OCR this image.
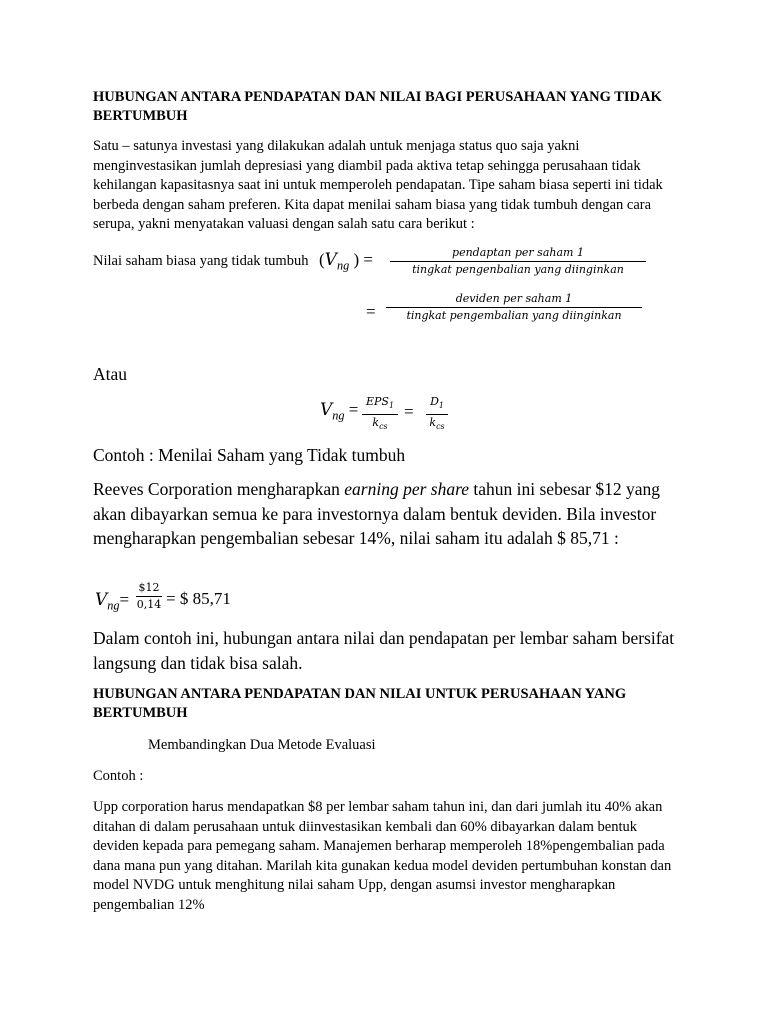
HUBUNGAN ANTARA PENDAPATAN DAN NILAI BAGI PERUSAHAAN YANG TIDAK BERTUMBUH

Satu – satunya investasi yang dilakukan adalah untuk menjaga status quo saja yakni menginvestasikan jumlah depresiasi yang diambil pada aktiva tetap sehingga perusahaan tidak kehilangan kapasitasnya saat ini untuk memperoleh pendapatan. Tipe saham biasa seperti ini tidak berbeda dengan saham preferen. Kita dapat menilai saham biasa yang tidak tumbuh dengan cara serupa, yakni menyatakan valuasi dengan salah satu cara berikut :

Nilai saham biasa yang tidak tumbuh ($V_{ng}$ ) =	pendaptan per saham 1
tingkat pengenbalian yang diinginkan
=
deviden per saham 1
tingkat pengembalian yang diinginkan

Atau

$V_{ng} = EPS_1$
$k_{cs}$
=
$D_1$
$k_{cs}$

Contoh : Menilai Saham yang Tidak tumbuh

Reeves Corporation mengharapkan earning per share tahun ini sebesar $12 yang akan dibayarkan semua ke para investornya dalam bentuk deviden. Bila investor mengharapkan pengembalian sebesar 14%, nilai saham itu adalah $ 85,71 :

$V_{ng}=$
$12
0,14 = $ 85,71

Dalam contoh ini, hubungan antara nilai dan pendapatan per lembar saham bersifat langsung dan tidak bisa salah.

HUBUNGAN ANTARA PENDAPATAN DAN NILAI UNTUK PERUSAHAAN YANG BERTUMBUH

Membandingkan Dua Metode Evaluasi

Contoh :

Upp corporation harus mendapatkan $8 per lembar saham tahun ini, dan dari jumlah itu 40% akan ditahan di dalam perusahaan untuk diinvestasikan kembali dan 60% dibayarkan dalam bentuk deviden kepada para pemegang saham. Manajemen berharap memperoleh 18%pengembalian pada dana mana pun yang ditahan. Marilah kita gunakan kedua model deviden pertumbuhan konstan dan model NVDG untuk menghitung nilai saham Upp, dengan asumsi investor mengharapkan pengembalian 12%
